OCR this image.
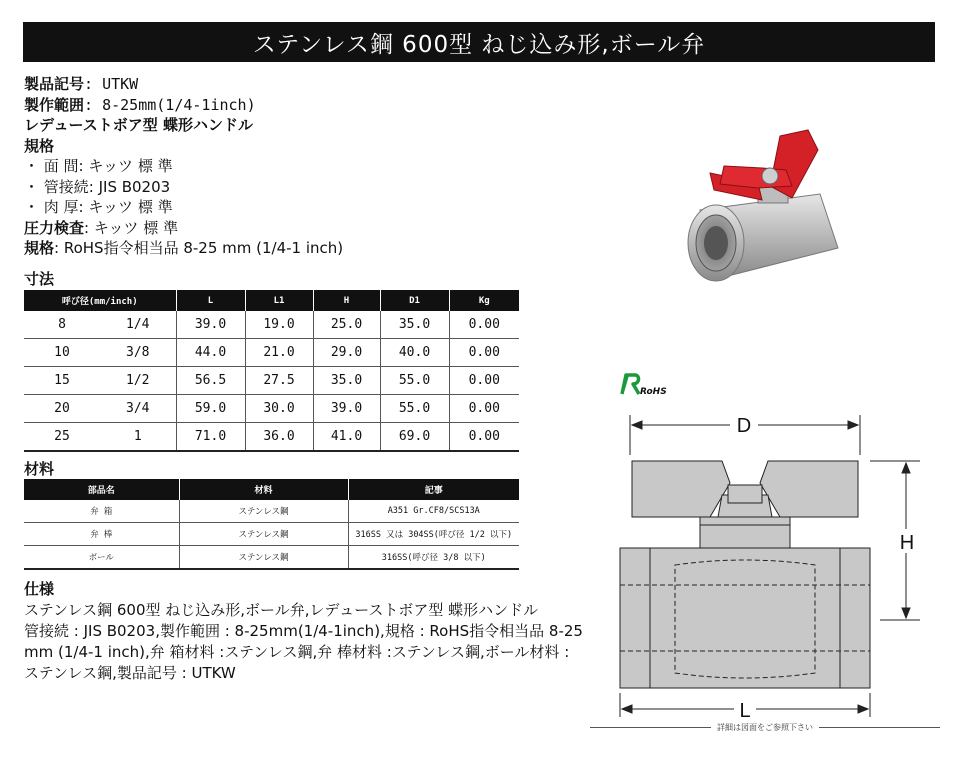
ステンレス鋼 600型 ねじ込み形,ボール弁
製品記号: UTKW
製作範囲: 8-25mm(1/4-1inch)
レデューストボア型 蝶形ハンドル
規格
・ 面 間: キッツ 標 準
・ 管接続: JIS B0203
・ 肉 厚: キッツ 標 準
圧力検査: キッツ 標 準
規格: RoHS指令相当品 8-25 mm (1/4-1 inch)
寸法
呼び径(mm/inch)		L	L1	H	D1	Kg
8	1/4	39.0	19.0	25.0	35.0	0.00
10	3/8	44.0	21.0	29.0	40.0	0.00
15	1/2	56.5	27.5	35.0	55.0	0.00
20	3/4	59.0	30.0	39.0	55.0	0.00
25	1	71.0	36.0	41.0	69.0	0.00
材料
部品名	材料	記事
弁 箱	ステンレス鋼	A351 Gr.CF8/SCS13A
弁 棒	ステンレス鋼	316SS 又は 304SS(呼び径 1/2 以下)
ボール	ステンレス鋼	316SS(呼び径 3/8 以下)
仕様
ステンレス鋼 600型 ねじ込み形,ボール弁,レデューストボア型 蝶形ハンドル
管接続 : JIS B0203,製作範囲 : 8-25mm(1/4-1inch),規格 : RoHS指令相当品 8-25 mm (1/4-1 inch),弁 箱材料 :ステンレス鋼,弁 棒材料 :ステンレス鋼,ボール材料 :ステンレス鋼,製品記号 : UTKW
RoHS
D
H
L
詳細は図面をご参照下さい
